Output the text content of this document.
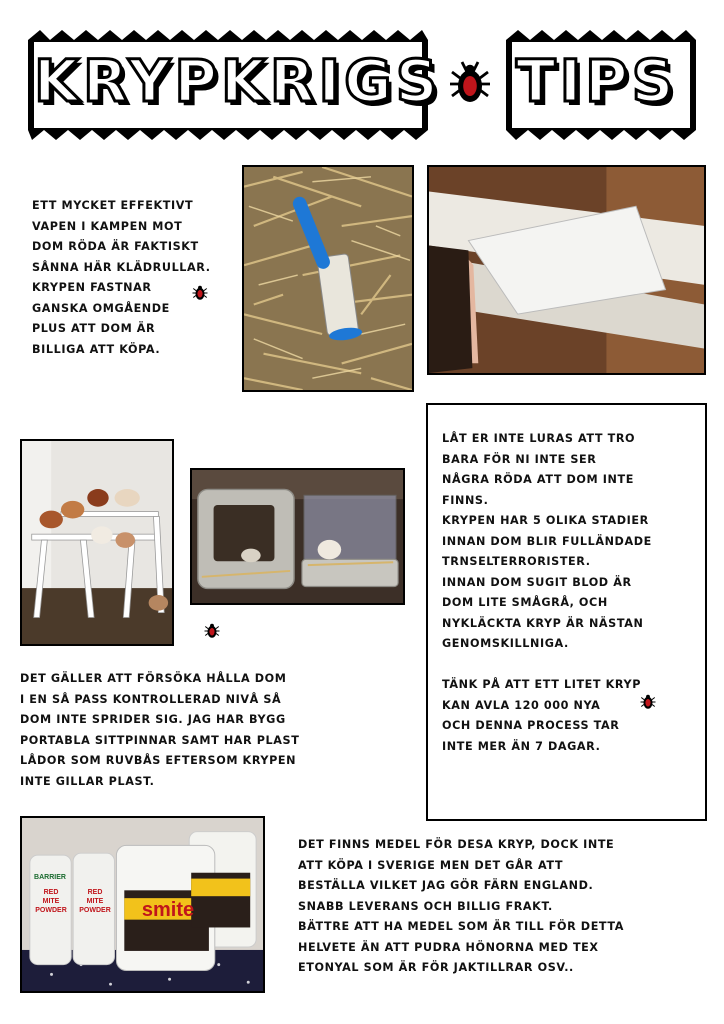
KRYPKRIGS TIPS
ETT MYCKET EFFEKTIVT
VAPEN I KAMPEN MOT
DOM RÖDA ÄR FAKTISKT
SÅNNA HÄR KLÄDRULLAR.
KRYPEN FASTNAR
GANSKA OMGÅENDE
PLUS ATT DOM ÄR
BILLIGA ATT KÖPA.
LÅT ER INTE LURAS ATT TRO
BARA FÖR NI INTE SER
NÅGRA RÖDA ATT DOM INTE
FINNS.
KRYPEN HAR 5 OLIKA STADIER
INNAN DOM BLIR FULLÄNDADE
TRNSELTERRORISTER.
INNAN DOM SUGIT BLOD ÄR
DOM LITE SMÅGRÅ, OCH
NYKLÄCKTA KRYP ÄR NÄSTAN
GENOMSKILLNIGA.
TÄNK PÅ ATT ETT LITET KRYP
KAN AVLA 120 000 NYA
OCH DENNA PROCESS TAR
INTE MER ÄN 7 DAGAR.
DET GÄLLER ATT FÖRSÖKA HÅLLA DOM
I EN SÅ PASS KONTROLLERAD NIVÅ SÅ
DOM INTE SPRIDER SIG. JAG HAR BYGG
PORTABLA SITTPINNAR SAMT HAR PLAST
LÅDOR SOM RUVBÅS EFTERSOM KRYPEN
INTE GILLAR PLAST.
BARRIER
RED
MITE
POWDER
RED
MITE
POWDER	smite
DET FINNS MEDEL FÖR DESA KRYP, DOCK INTE
ATT KÖPA I SVERIGE MEN DET GÅR ATT
BESTÄLLA VILKET JAG GÖR FÄRN ENGLAND.
SNABB LEVERANS OCH BILLIG FRAKT.
BÄTTRE ATT HA MEDEL SOM ÄR TILL FÖR DETTA
HELVETE ÄN ATT PUDRA HÖNORNA MED TEX
ETONYAL SOM ÄR FÖR JAKTILLRAR OSV..
